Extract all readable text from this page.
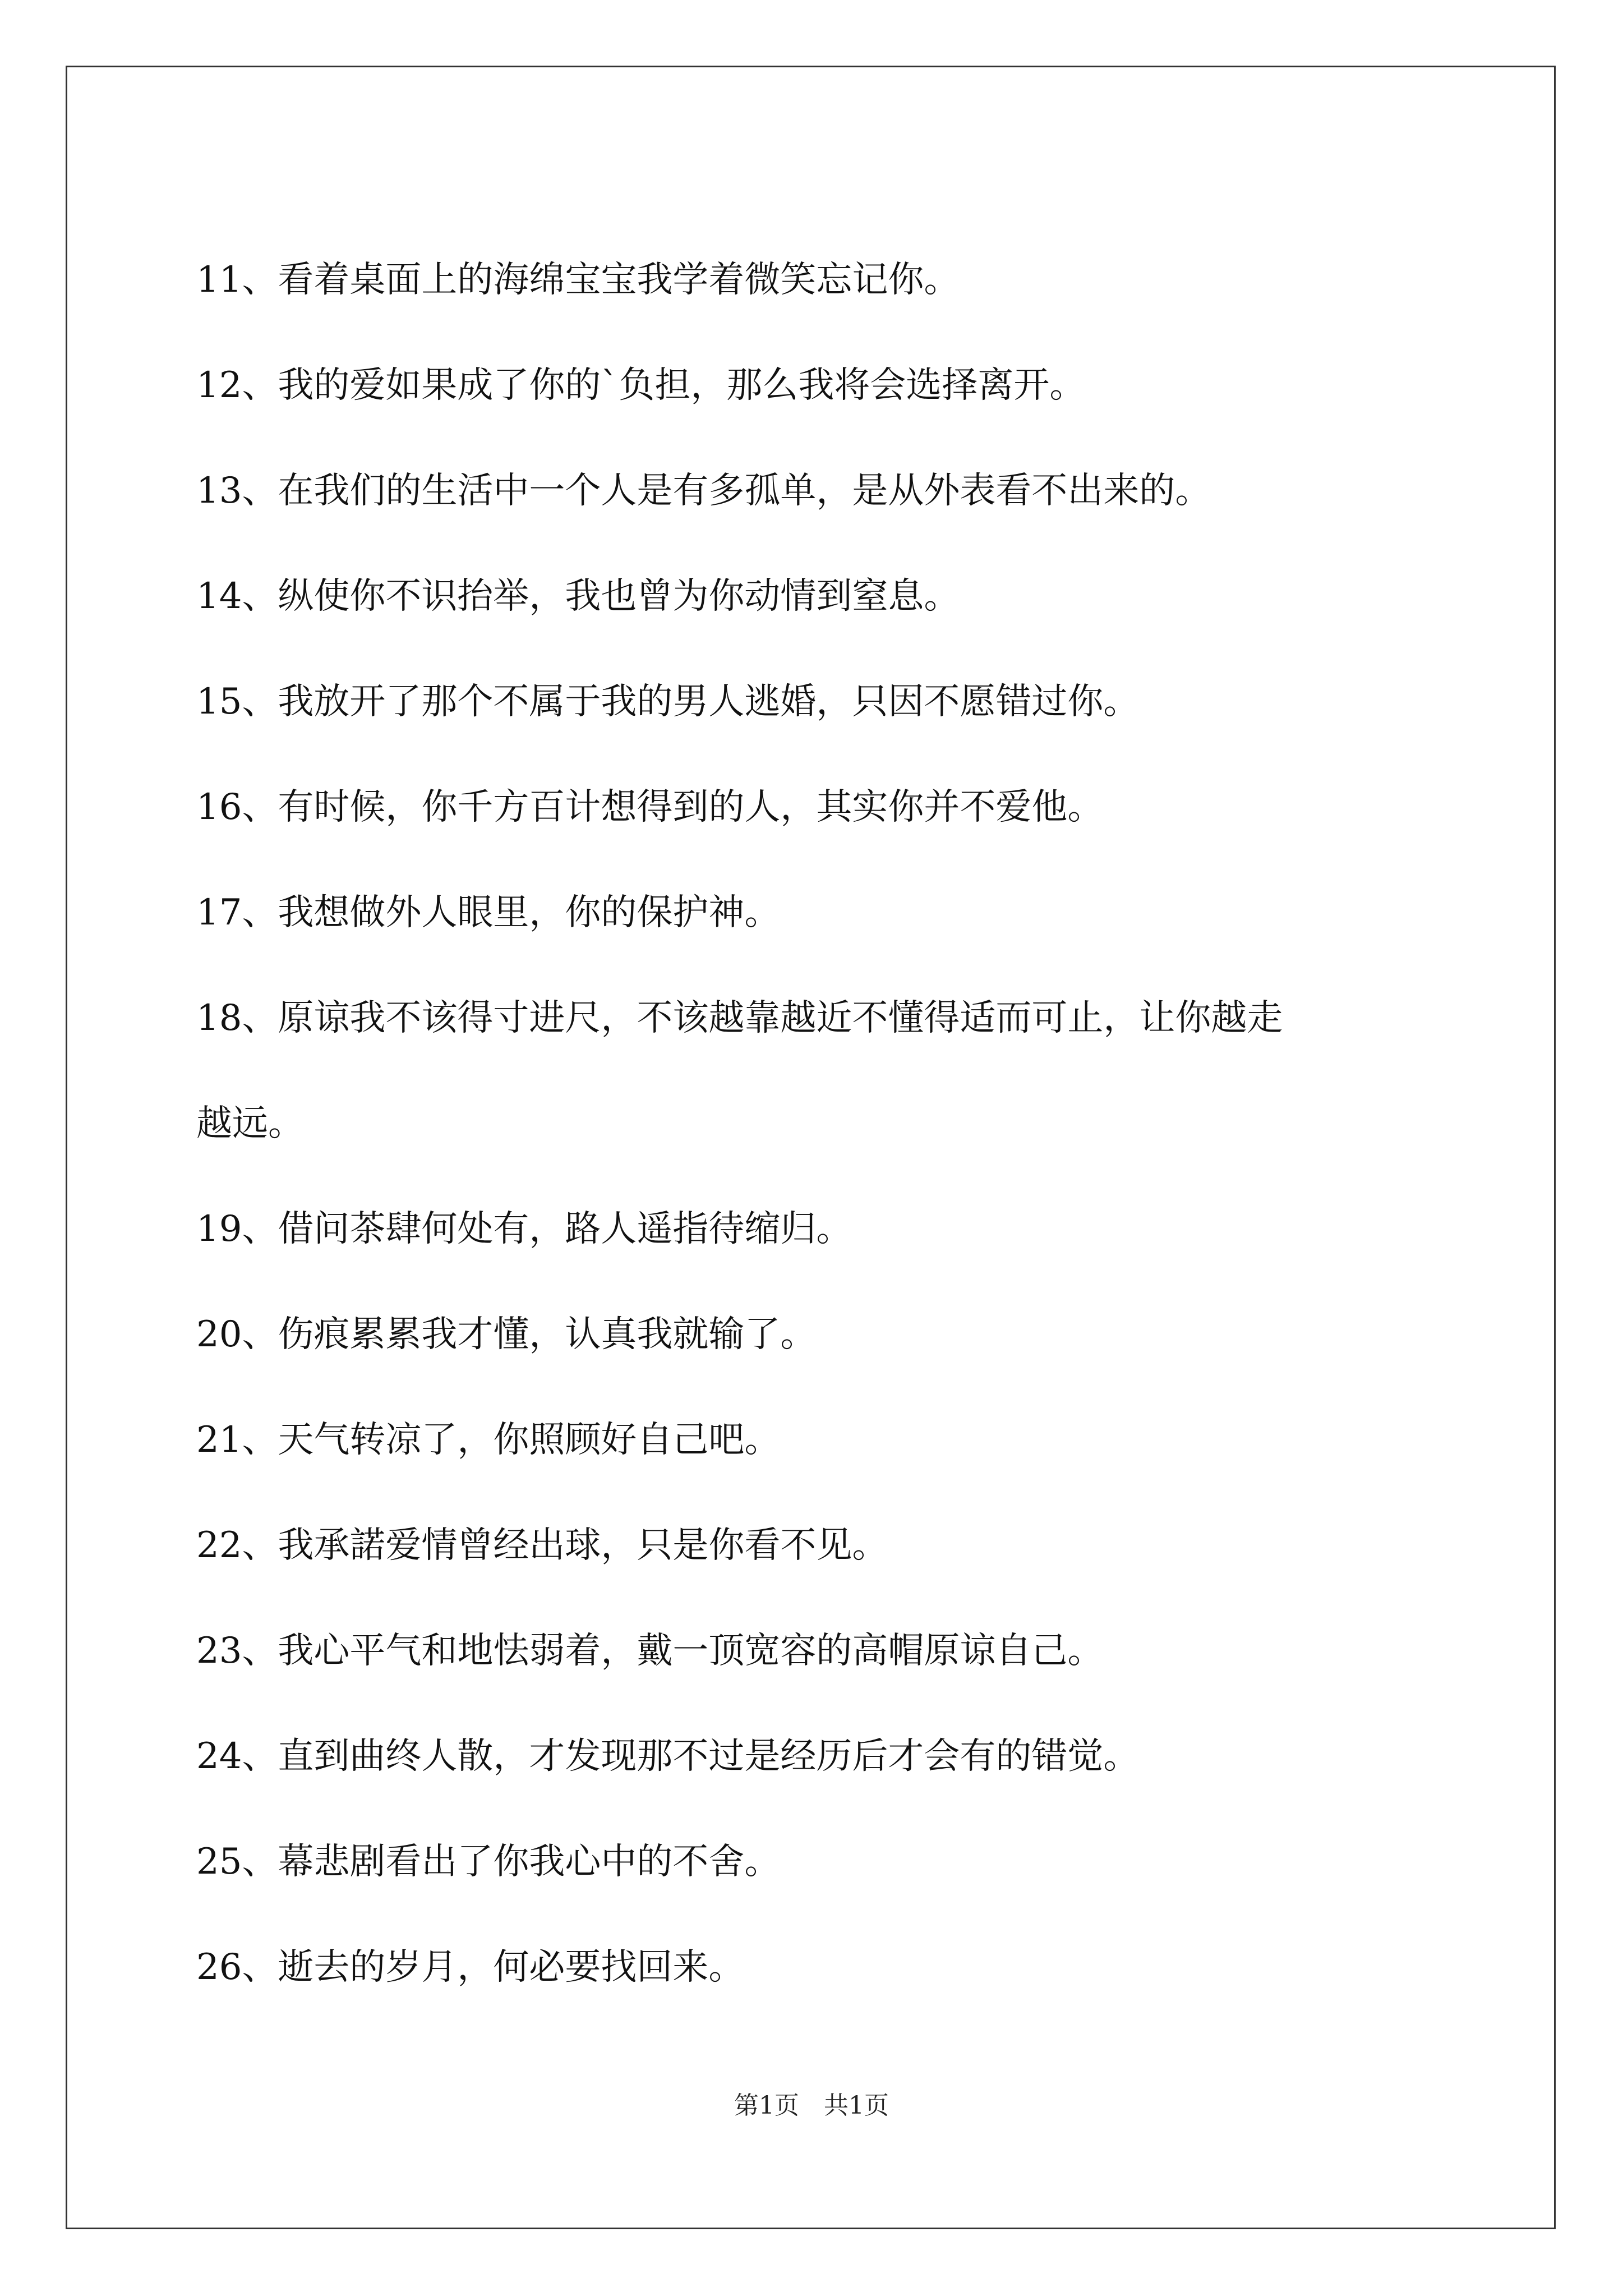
11、看着桌面上的海绵宝宝我学着微笑忘记你。
12、我的爱如果成了你的`负担，那么我将会选择离开。
13、在我们的生活中一个人是有多孤单，是从外表看不出来的。
14、纵使你不识抬举，我也曾为你动情到窒息。
15、我放开了那个不属于我的男人逃婚，只因不愿错过你。
16、有时候，你千方百计想得到的人，其实你并不爱他。
17、我想做外人眼里，你的保护神。
18、原谅我不该得寸进尺，不该越靠越近不懂得适而可止，让你越走
越远。
19、借问茶肆何处有，路人遥指待缩归。
20、伤痕累累我才懂，认真我就输了。
21、天气转凉了，你照顾好自己吧。
22、我承諾爱情曾经出球，只是你看不见。
23、我心平气和地怯弱着，戴一顶宽容的高帽原谅自己。
24、直到曲终人散，才发现那不过是经历后才会有的错觉。
25、幕悲剧看出了你我心中的不舍。
26、逝去的岁月，何必要找回来。
第1页　共1页
